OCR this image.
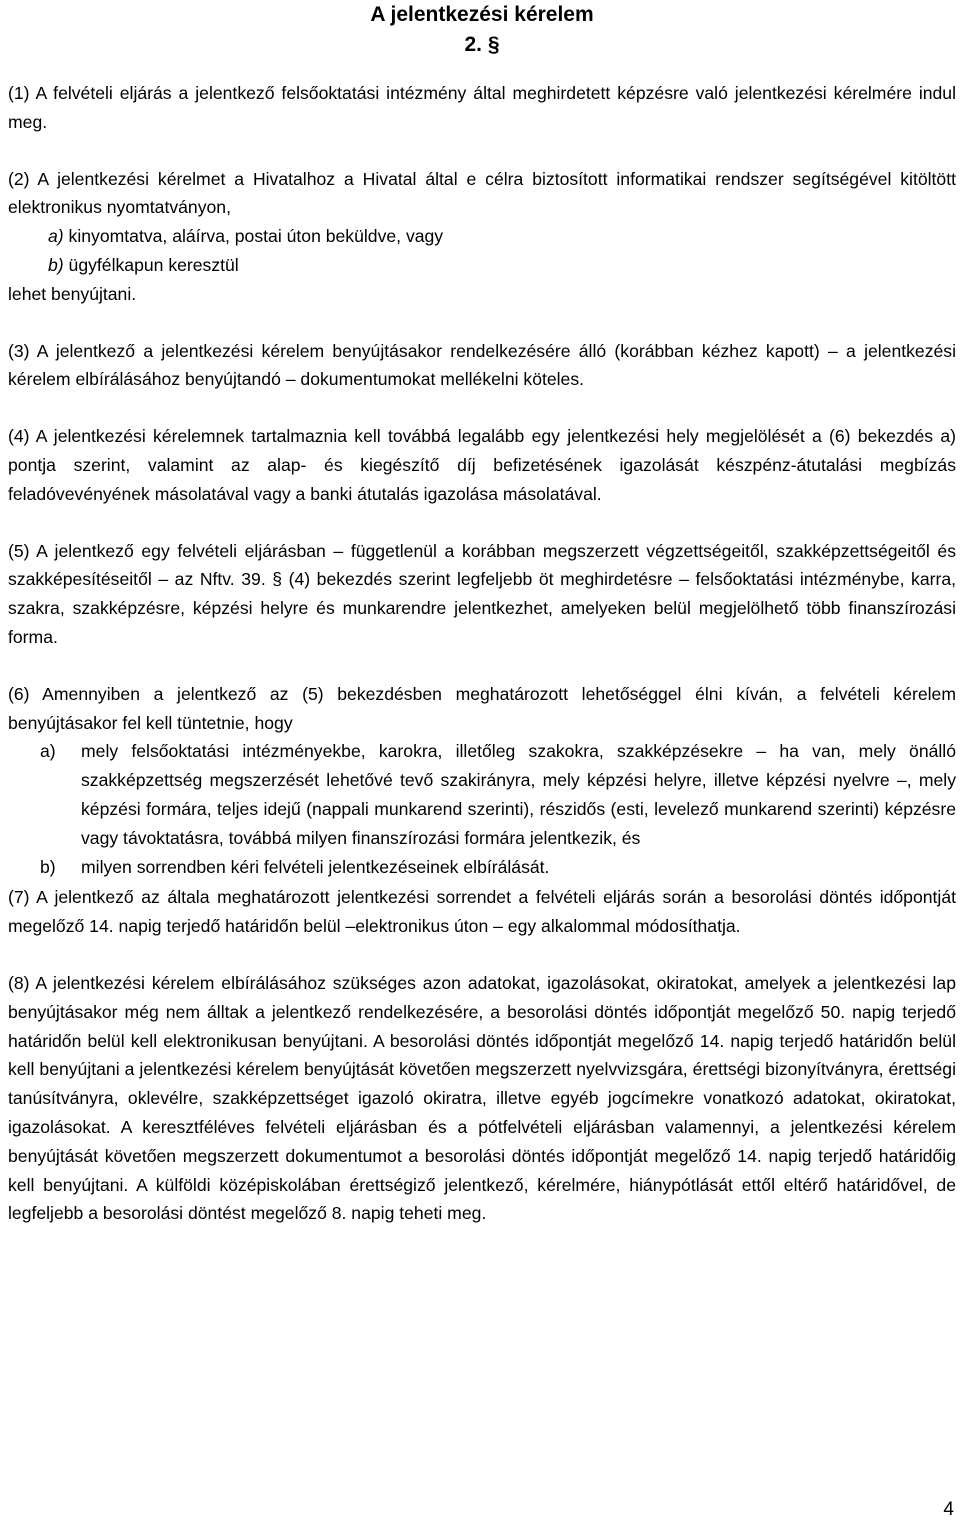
A jelentkezési kérelem
2. §

(1) A felvételi eljárás a jelentkező felsőoktatási intézmény által meghirdetett képzésre való jelentkezési kérelmére indul meg.

(2) A jelentkezési kérelmet a Hivatalhoz a Hivatal által e célra biztosított informatikai rendszer segítségével kitöltött elektronikus nyomtatványon,

a) kinyomtatva, aláírva, postai úton beküldve, vagy
b) ügyfélkapun keresztül

lehet benyújtani.

(3) A jelentkező a jelentkezési kérelem benyújtásakor rendelkezésére álló (korábban kézhez kapott) – a jelentkezési kérelem elbírálásához benyújtandó – dokumentumokat mellékelni köteles.

(4) A jelentkezési kérelemnek tartalmaznia kell továbbá legalább egy jelentkezési hely megjelölését a (6) bekezdés a) pontja szerint, valamint az alap- és kiegészítő díj befizetésének igazolását készpénz-átutalási megbízás feladóvevényének másolatával vagy a banki átutalás igazolása másolatával.

(5) A jelentkező egy felvételi eljárásban – függetlenül a korábban megszerzett végzettségeitől, szakképzettségeitől és szakképesítéseitől – az Nftv. 39. § (4) bekezdés szerint legfeljebb öt meghirdetésre – felsőoktatási intézménybe, karra, szakra, szakképzésre, képzési helyre és munkarendre jelentkezhet, amelyeken belül megjelölhető több finanszírozási forma.

(6) Amennyiben a jelentkező az (5) bekezdésben meghatározott lehetőséggel élni kíván, a felvételi kérelem benyújtásakor fel kell tüntetnie, hogy

a)	mely felsőoktatási intézményekbe, karokra, illetőleg szakokra, szakképzésekre – ha van, mely önálló szakképzettség megszerzését lehetővé tevő szakirányra, mely képzési helyre, illetve képzési nyelvre –, mely képzési formára, teljes idejű (nappali munkarend szerinti), részidős (esti, levelező munkarend szerinti) képzésre vagy távoktatásra, továbbá milyen finanszírozási formára jelentkezik, és
b)	milyen sorrendben kéri felvételi jelentkezéseinek elbírálását.

(7) A jelentkező az általa meghatározott jelentkezési sorrendet a felvételi eljárás során a besorolási döntés időpontját megelőző 14. napig terjedő határidőn belül –elektronikus úton – egy alkalommal módosíthatja.

(8) A jelentkezési kérelem elbírálásához szükséges azon adatokat, igazolásokat, okiratokat, amelyek a jelentkezési lap benyújtásakor még nem álltak a jelentkező rendelkezésére, a besorolási döntés időpontját megelőző 50. napig terjedő határidőn belül kell elektronikusan benyújtani. A besorolási döntés időpontját megelőző 14. napig terjedő határidőn belül kell benyújtani a jelentkezési kérelem benyújtását követően megszerzett nyelvvizsgára, érettségi bizonyítványra, érettségi tanúsítványra, oklevélre, szakképzettséget igazoló okiratra, illetve egyéb jogcímekre vonatkozó adatokat, okiratokat, igazolásokat. A keresztféléves felvételi eljárásban és a pótfelvételi eljárásban valamennyi, a jelentkezési kérelem benyújtását követően megszerzett dokumentumot a besorolási döntés időpontját megelőző 14. napig terjedő határidőig kell benyújtani. A külföldi középiskolában érettségiző jelentkező, kérelmére, hiánypótlását ettől eltérő határidővel, de legfeljebb a besorolási döntést megelőző 8. napig teheti meg.

4
